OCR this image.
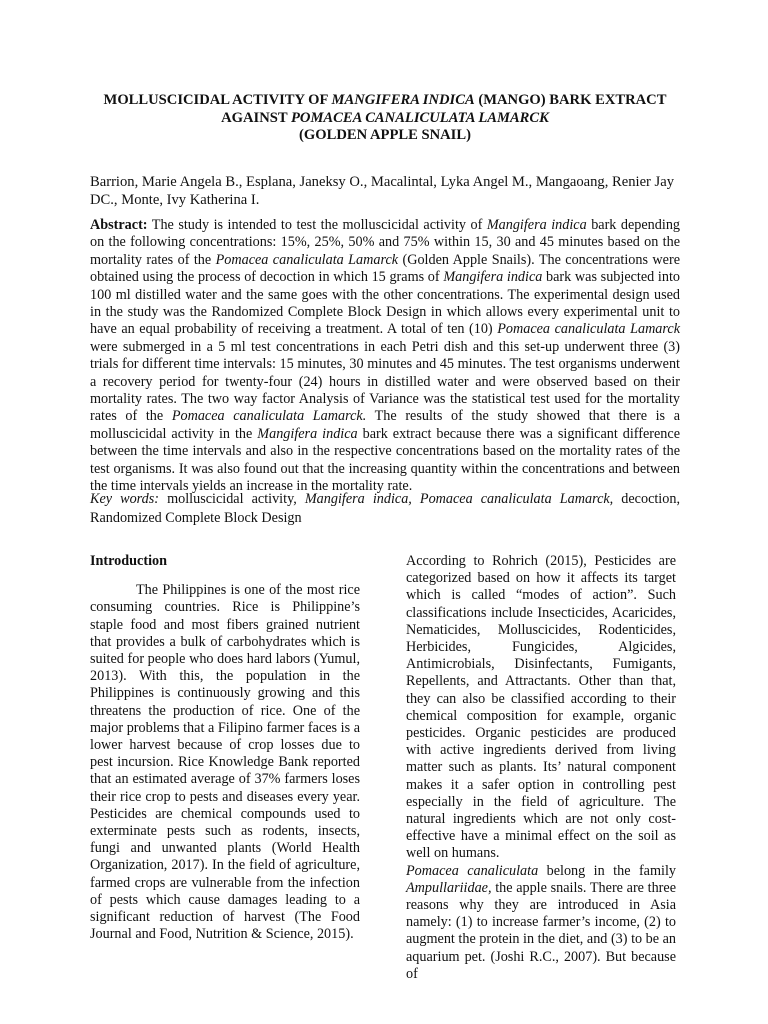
MOLLUSCICIDAL ACTIVITY OF MANGIFERA INDICA (MANGO) BARK EXTRACT
AGAINST POMACEA CANALICULATA LAMARCK
(GOLDEN APPLE SNAIL)
Barrion, Marie Angela B., Esplana, Janeksy O., Macalintal, Lyka Angel M., Mangaoang, Renier Jay DC., Monte, Ivy Katherina I.
Abstract: The study is intended to test the molluscicidal activity of Mangifera indica bark depending on the following concentrations: 15%, 25%, 50% and 75% within 15, 30 and 45 minutes based on the mortality rates of the Pomacea canaliculata Lamarck (Golden Apple Snails). The concentrations were obtained using the process of decoction in which 15 grams of Mangifera indica bark was subjected into 100 ml distilled water and the same goes with the other concentrations. The experimental design used in the study was the Randomized Complete Block Design in which allows every experimental unit to have an equal probability of receiving a treatment. A total of ten (10) Pomacea canaliculata Lamarck were submerged in a 5 ml test concentrations in each Petri dish and this set-up underwent three (3) trials for different time intervals: 15 minutes, 30 minutes and 45 minutes. The test organisms underwent a recovery period for twenty-four (24) hours in distilled water and were observed based on their mortality rates. The two way factor Analysis of Variance was the statistical test used for the mortality rates of the Pomacea canaliculata Lamarck. The results of the study showed that there is a molluscicidal activity in the Mangifera indica bark extract because there was a significant difference between the time intervals and also in the respective concentrations based on the mortality rates of the test organisms. It was also found out that the increasing quantity within the concentrations and between the time intervals yields an increase in the mortality rate.
Key words: molluscicidal activity, Mangifera indica, Pomacea canaliculata Lamarck, decoction, Randomized Complete Block Design

Introduction

The Philippines is one of the most rice consuming countries. Rice is Philippine’s staple food and most fibers grained nutrient that provides a bulk of carbohydrates which is suited for people who does hard labors (Yumul, 2013). With this, the population in the Philippines is continuously growing and this threatens the production of rice. One of the major problems that a Filipino farmer faces is a lower harvest because of crop losses due to pest incursion. Rice Knowledge Bank reported that an estimated average of 37% farmers loses their rice crop to pests and diseases every year. Pesticides are chemical compounds used to exterminate pests such as rodents, insects, fungi and unwanted plants (World Health Organization, 2017). In the field of agriculture, farmed crops are vulnerable from the infection of pests which cause damages leading to a significant reduction of harvest (The Food Journal and Food, Nutrition & Science, 2015).

According to Rohrich (2015), Pesticides are categorized based on how it affects its target which is called “modes of action”. Such classifications include Insecticides, Acaricides, Nematicides, Molluscicides, Rodenticides, Herbicides, Fungicides, Algicides, Antimicrobials, Disinfectants, Fumigants, Repellents, and Attractants. Other than that, they can also be classified according to their chemical composition for example, organic pesticides. Organic pesticides are produced with active ingredients derived from living matter such as plants. Its’ natural component makes it a safer option in controlling pest especially in the field of agriculture. The natural ingredients which are not only cost-effective have a minimal effect on the soil as well on humans.

Pomacea canaliculata belong in the family Ampullariidae, the apple snails. There are three reasons why they are introduced in Asia namely: (1) to increase farmer’s income, (2) to augment the protein in the diet, and (3) to be an aquarium pet. (Joshi R.C., 2007). But because of
